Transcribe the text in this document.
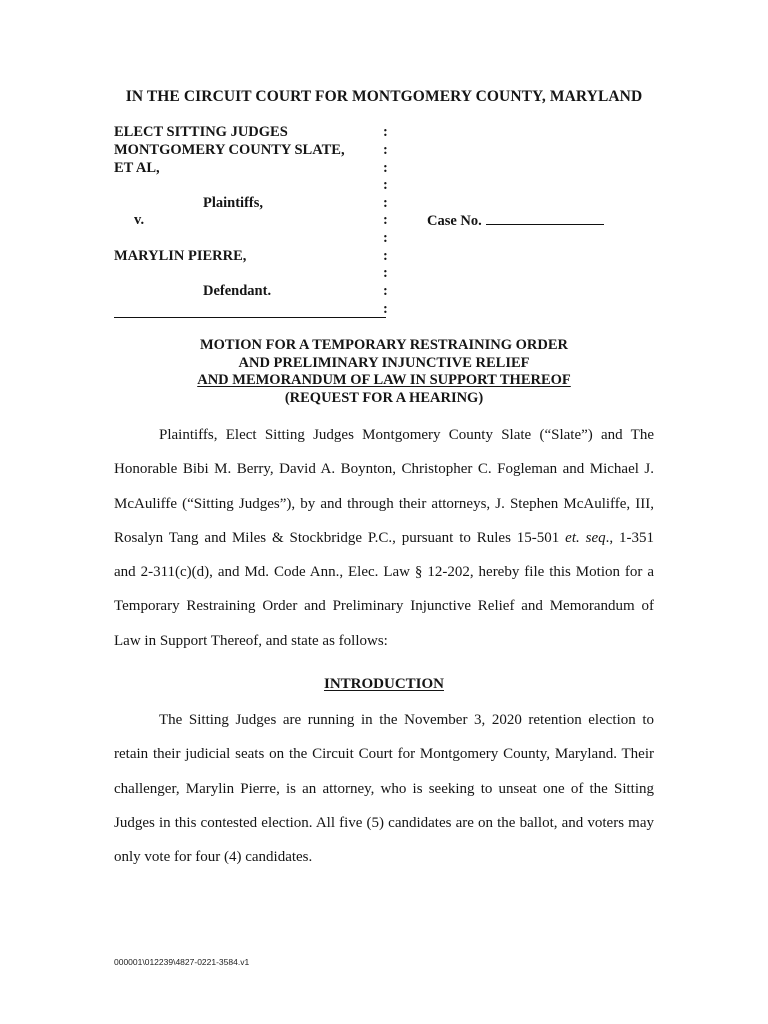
IN THE CIRCUIT COURT FOR MONTGOMERY COUNTY, MARYLAND
ELECT SITTING JUDGES
MONTGOMERY COUNTY SLATE,
ET AL,
Plaintiffs,
v.
MARYLIN PIERRE,
Defendant.
:
:
:
:
:
:
:
:
:
:
:
Case No.
MOTION FOR A TEMPORARY RESTRAINING ORDER
AND PRELIMINARY INJUNCTIVE RELIEF
AND MEMORANDUM OF LAW IN SUPPORT THEREOF
(REQUEST FOR A HEARING)
Plaintiffs, Elect Sitting Judges Montgomery County Slate (“Slate”) and The
Honorable Bibi M. Berry, David A. Boynton, Christopher C. Fogleman and Michael J.
McAuliffe (“Sitting Judges”), by and through their attorneys, J. Stephen McAuliffe, III,
Rosalyn Tang and Miles & Stockbridge P.C., pursuant to Rules 15-501 et. seq., 1-351
and 2-311(c)(d), and Md. Code Ann., Elec. Law § 12-202, hereby file this Motion for a
Temporary Restraining Order and Preliminary Injunctive Relief and Memorandum of
Law in Support Thereof, and state as follows:
INTRODUCTION
The Sitting Judges are running in the November 3, 2020 retention election to
retain their judicial seats on the Circuit Court for Montgomery County, Maryland. Their
challenger, Marylin Pierre, is an attorney, who is seeking to unseat one of the Sitting
Judges in this contested election. All five (5) candidates are on the ballot, and voters may
only vote for four (4) candidates.
000001\012239\4827-0221-3584.v1
